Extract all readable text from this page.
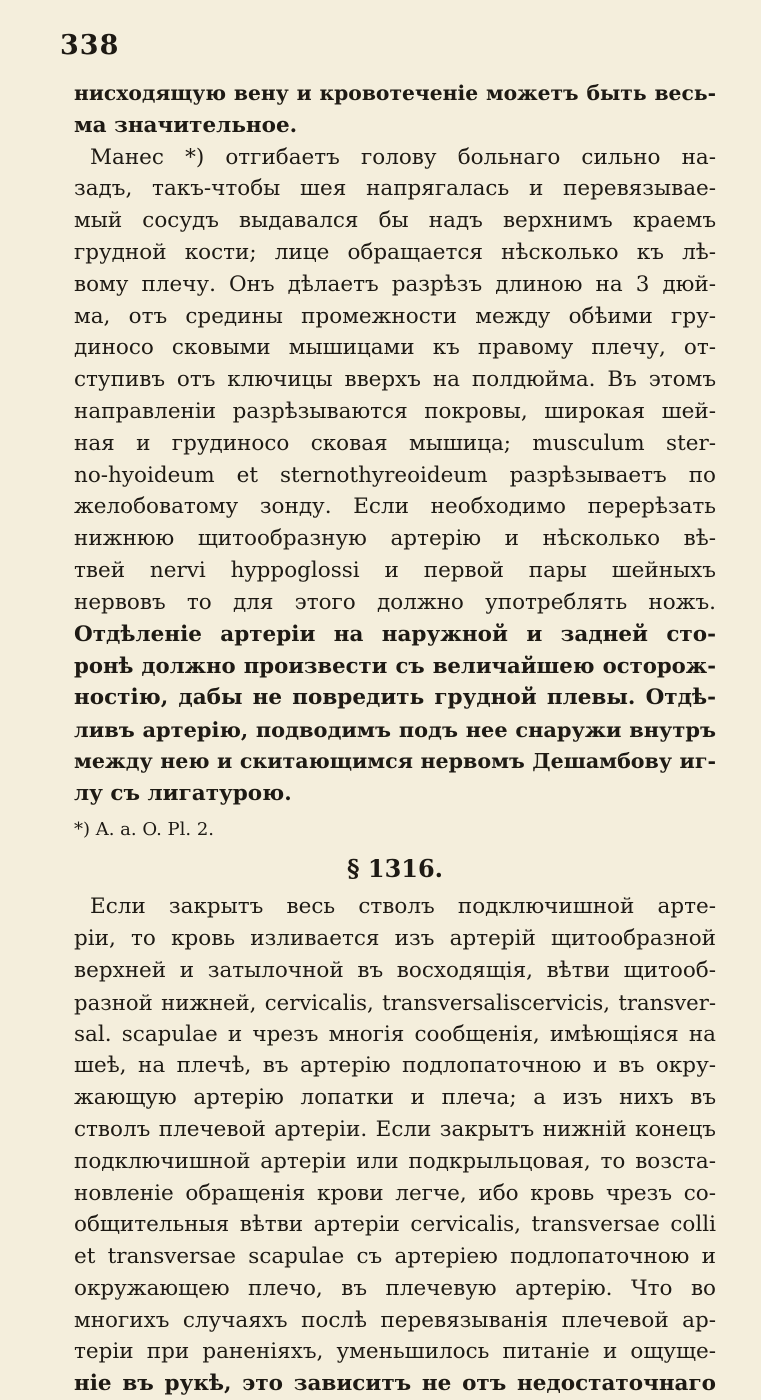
338
нисходящую вену и кровотеченіе можетъ быть весь-
ма значительное.
Манес *) отгибаетъ голову больнаго сильно на-
задъ, такъ-чтобы шея напрягалась и перевязывае-
мый сосудъ выдавался бы надъ верхнимъ краемъ
грудной кости; лице обращается нѣсколько къ лѣ-
вому плечу. Онъ дѣлаетъ разрѣзъ длиною на 3 дюй-
ма, отъ средины промежности между обѣими гру-
диносо сковыми мышицами къ правому плечу, от-
ступивъ отъ ключицы вверхъ на полдюйма. Въ этомъ
направленіи разрѣзываются покровы, широкая шей-
ная и грудиносо сковая мышица; musculum ster-
no-hyoideum et sternothyreoideum разрѣзываетъ по
желобоватому зонду. Если необходимо перерѣзать
нижнюю щитообразную артерію и нѣсколько вѣ-
твей nervi hyppoglossi и первой пары шейныхъ
нервовъ то для этого должно употреблять ножъ.
Отдѣленіе артеріи на наружной и задней сто-
ронѣ должно произвести съ величайшею осторож-
ностію, дабы не повредить грудной плевы. Отдѣ-
ливъ артерію, подводимъ подъ нее снаружи внутръ
между нею и скитающимся нервомъ Дешамбову иг-
лу съ лигатурою.
*) A. a. O. Pl. 2.
§ 1316.
Если закрытъ весь стволъ подключишной арте-
ріи, то кровь изливается изъ артерій щитообразной
верхней и затылочной въ восходящія, вѣтви щитооб-
разной нижней, cervicalis, transversaliscervicis, transver-
sal. scapulae и чрезъ многія сообщенія, имѣющіяся на
шеѣ, на плечѣ, въ артерію подлопаточною и въ окру-
жающую артерію лопатки и плеча; а изъ нихъ въ
стволъ плечевой артеріи. Если закрытъ нижній конецъ
подключишной артеріи или подкрыльцовая, то возста-
новленіе обращенія крови легче, ибо кровь чрезъ со-
общительныя вѣтви артеріи cervicalis, transversae colli
et transversae scapulae съ артеріею подлопаточною и
окружающею плечо, въ плечевую артерію. Что во
многихъ случаяхъ послѣ перевязыванія плечевой ар-
теріи при раненіяхъ, уменьшилось питаніе и ощуще-
ніе въ рукѣ, это зависитъ не отъ недостаточнаго
